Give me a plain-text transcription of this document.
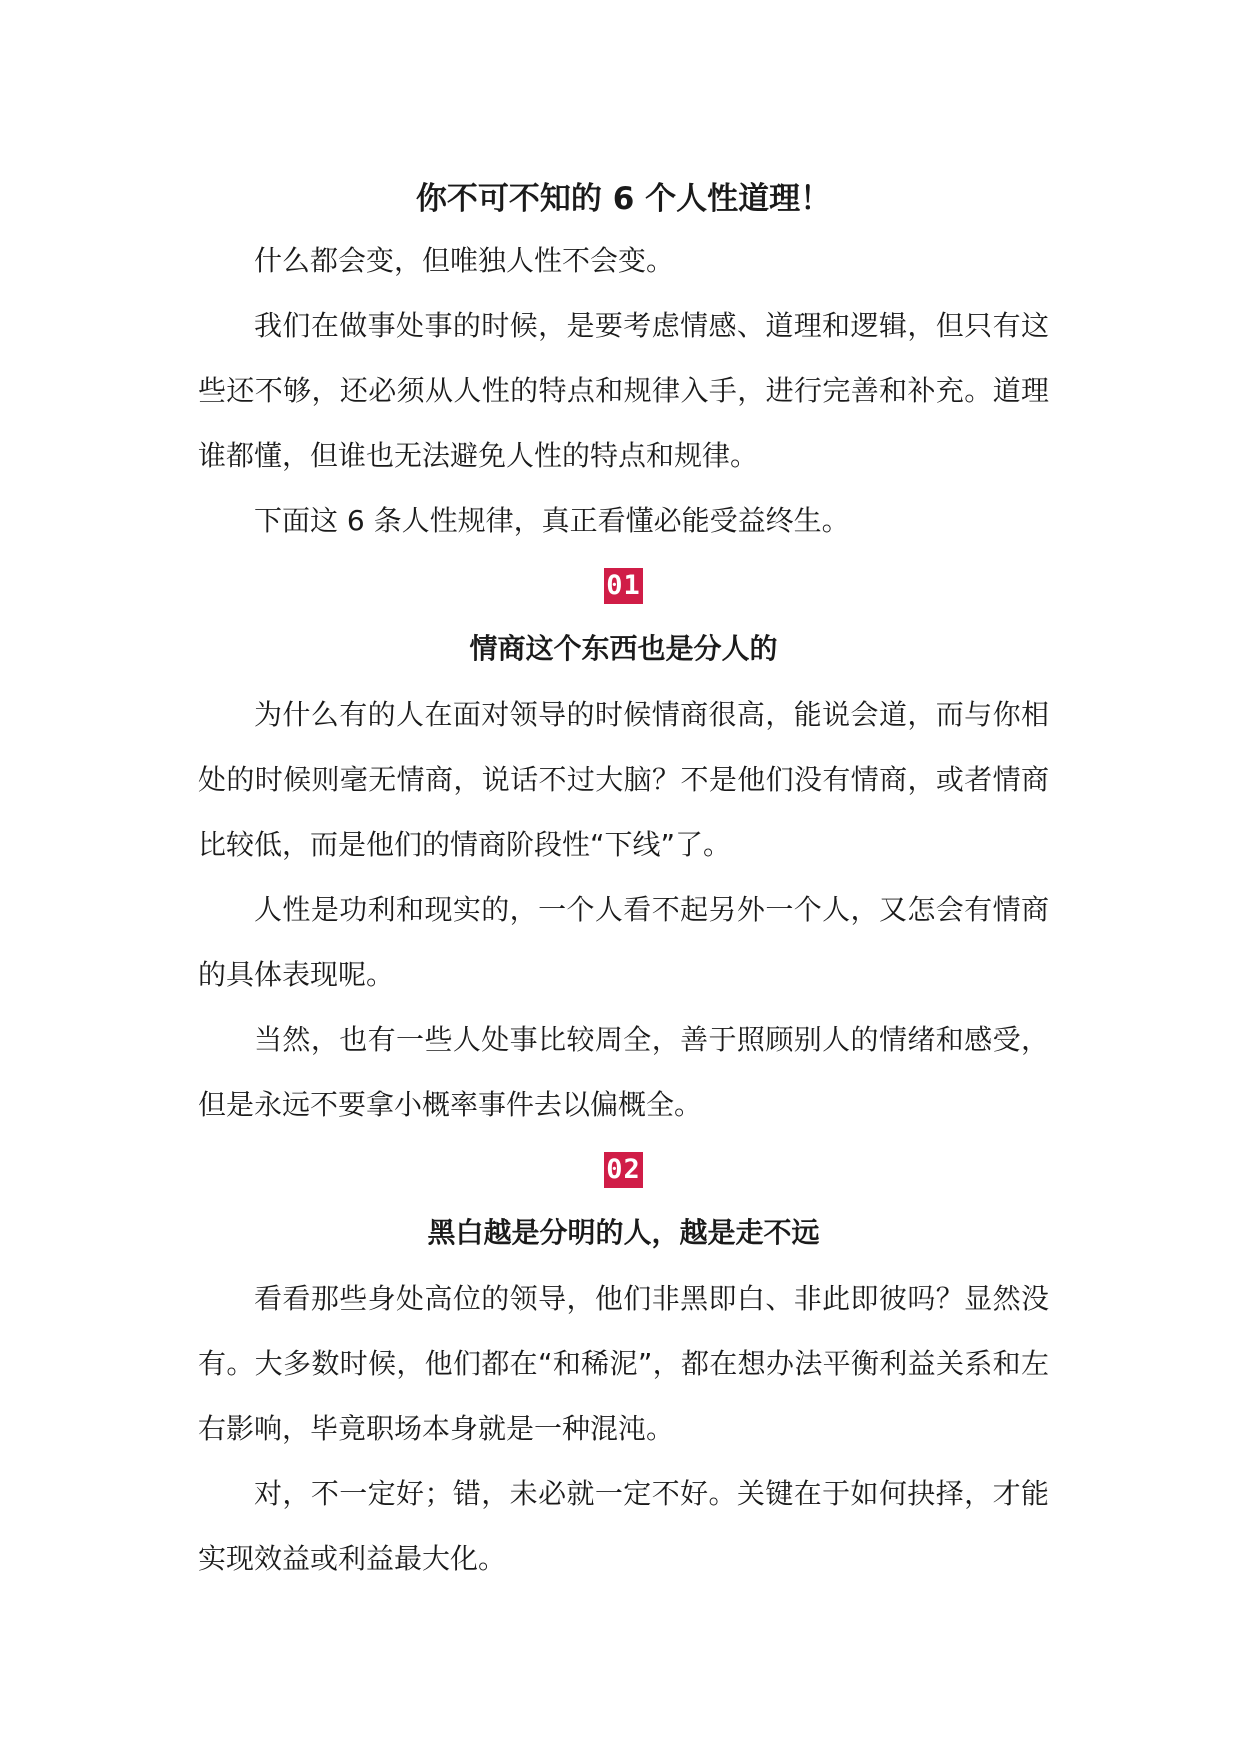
你不可不知的 6 个人性道理！

什么都会变，但唯独人性不会变。

我们在做事处事的时候，是要考虑情感、道理和逻辑，但只有这些还不够，还必须从人性的特点和规律入手，进行完善和补充。道理谁都懂，但谁也无法避免人性的特点和规律。

下面这 6 条人性规律，真正看懂必能受益终生。

01
情商这个东西也是分人的

为什么有的人在面对领导的时候情商很高，能说会道，而与你相处的时候则毫无情商，说话不过大脑？不是他们没有情商，或者情商比较低，而是他们的情商阶段性“下线”了。

人性是功利和现实的，一个人看不起另外一个人，又怎会有情商的具体表现呢。

当然，也有一些人处事比较周全，善于照顾别人的情绪和感受，但是永远不要拿小概率事件去以偏概全。

02
黑白越是分明的人，越是走不远

看看那些身处高位的领导，他们非黑即白、非此即彼吗？显然没有。大多数时候，他们都在“和稀泥”，都在想办法平衡利益关系和左右影响，毕竟职场本身就是一种混沌。

对，不一定好；错，未必就一定不好。关键在于如何抉择，才能实现效益或利益最大化。
